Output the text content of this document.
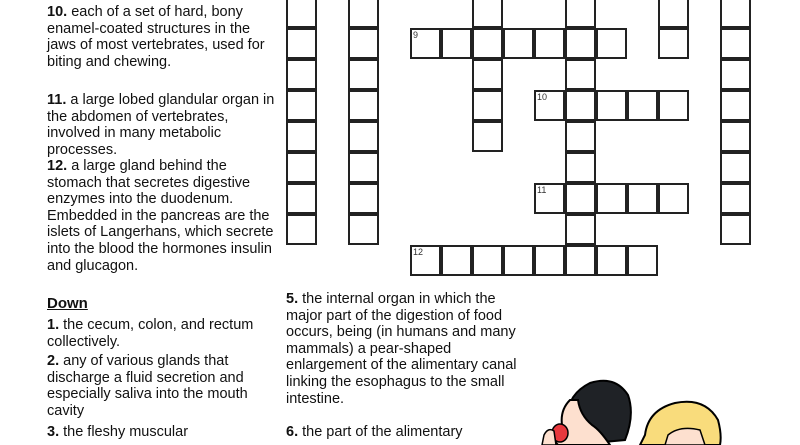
10. each of a set of hard, bony enamel-coated structures in the jaws of most vertebrates, used for biting and chewing.
11. a large lobed glandular organ in the abdomen of vertebrates, involved in many metabolic processes.
12. a large gland behind the stomach that secretes digestive enzymes into the duodenum. Embedded in the pancreas are the islets of Langerhans, which secrete into the blood the hormones insulin and glucagon.
Down
1. the cecum, colon, and rectum collectively.
2. any of various glands that discharge a fluid secretion and especially saliva into the mouth cavity
3. the fleshy muscular
5. the internal organ in which the major part of the digestion of food occurs, being (in humans and many mammals) a pear-shaped enlargement of the alimentary canal linking the esophagus to the small intestine.
6. the part of the alimentary
9
10
11
12
